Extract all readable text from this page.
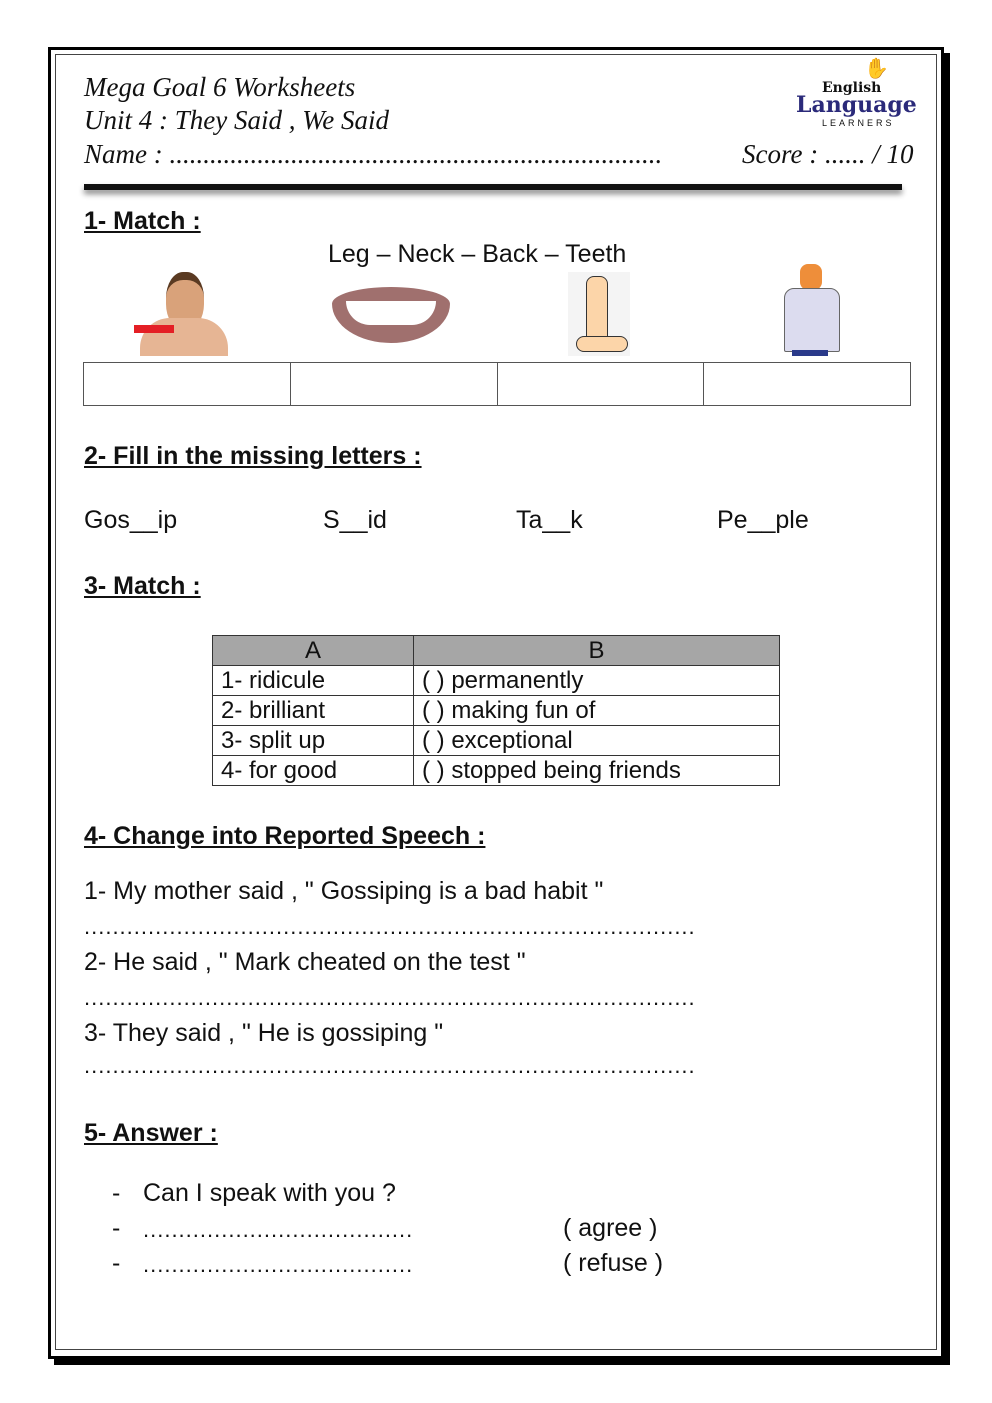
Mega Goal 6 Worksheets
Unit 4 : They Said , We Said
Name : .........................................................................	Score : ...... / 10
✋
English
Language
LEARNERS
1- Match :
Leg – Neck – Back – Teeth
2- Fill in the missing letters :
Gos__ip	S__id	Ta__k	Pe__ple
3- Match :
A	B
1- ridicule	( ) permanently
2- brilliant	( ) making fun of
3- split up	( ) exceptional
4- for good	( ) stopped being friends
4- Change into Reported Speech :
1- My mother said , " Gossiping is a bad habit "
......................................................................................
2- He said , " Mark cheated on the test "
......................................................................................
3- They said , " He is gossiping "
......................................................................................
5- Answer :
- Can I speak with you ?
- ......................................	( agree )
- ......................................	( refuse )
